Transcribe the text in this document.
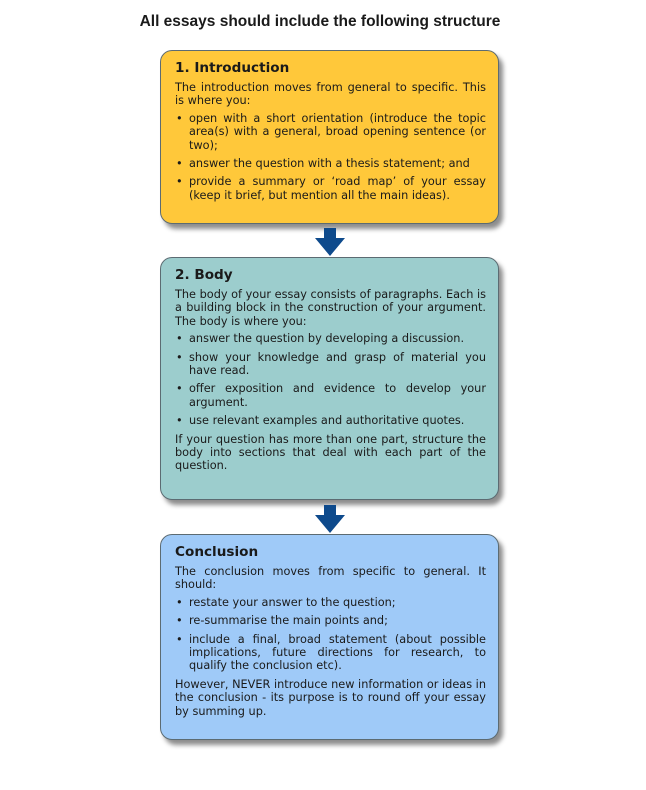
All essays should include the following structure
1. Introduction

The introduction moves from general to specific. This is where you:

• open with a short orientation (introduce the topic area(s) with a general, broad opening sentence (or two);
• answer the question with a thesis statement; and
• provide a summary or ‘road map’ of your essay (keep it brief, but mention all the main ideas).
2. Body

The body of your essay consists of paragraphs. Each is a building block in the construction of your argument. The body is where you:

• answer the question by developing a discussion.
• show your knowledge and grasp of material you have read.
• offer exposition and evidence to develop your argument.
• use relevant examples and authoritative quotes.

If your question has more than one part, structure the body into sections that deal with each part of the question.

Conclusion

The conclusion moves from specific to general. It should:

• restate your answer to the question;
• re-summarise the main points and;
• include a final, broad statement (about possible implications, future directions for research, to qualify the conclusion etc).

However, NEVER introduce new information or ideas in the conclusion - its purpose is to round off your essay by summing up.
